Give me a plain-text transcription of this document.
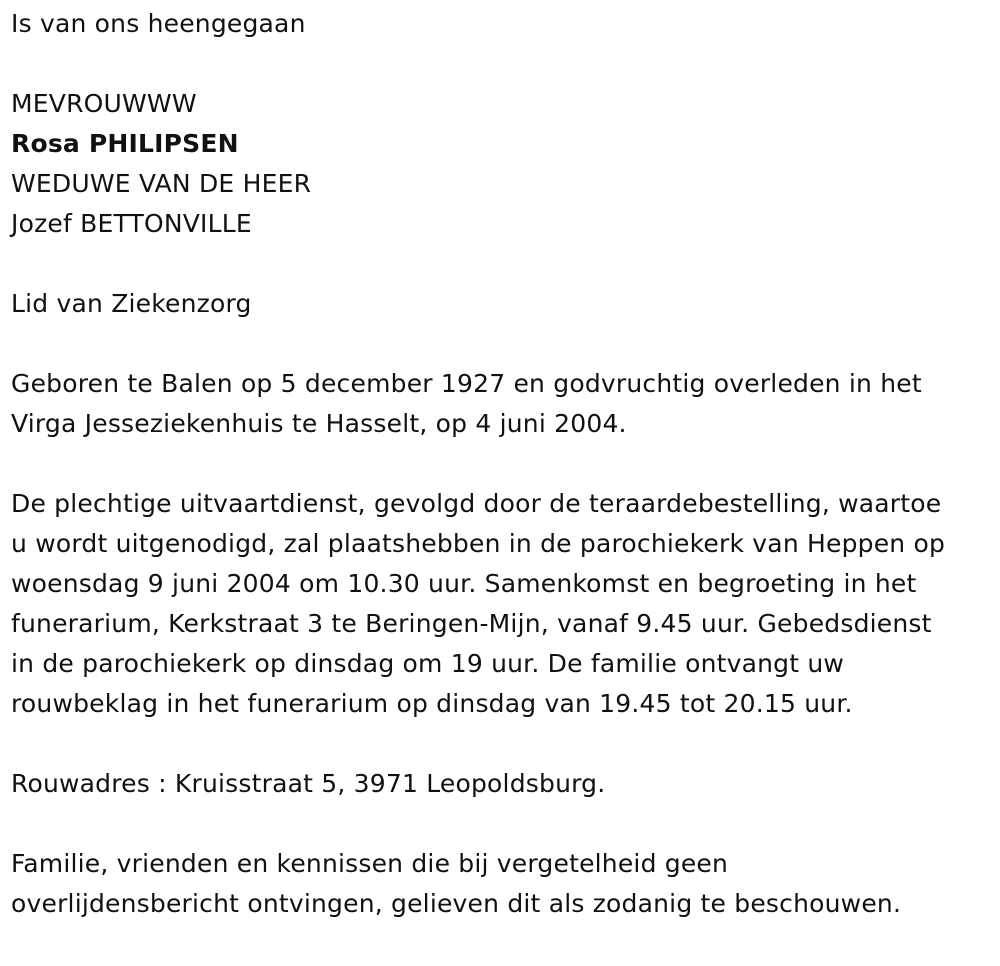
Is van ons heengegaan

MEVROUWWW

Rosa PHILIPSEN

WEDUWE VAN DE HEER

Jozef BETTONVILLE

Lid van Ziekenzorg

Geboren te Balen op 5 december 1927 en godvruchtig overleden in het

Virga Jesseziekenhuis te Hasselt, op 4 juni 2004.

De plechtige uitvaartdienst, gevolgd door de teraardebestelling, waartoe

u wordt uitgenodigd, zal plaatshebben in de parochiekerk van Heppen op

woensdag 9 juni 2004 om 10.30 uur. Samenkomst en begroeting in het

funerarium, Kerkstraat 3 te Beringen-Mijn, vanaf 9.45 uur. Gebedsdienst

in de parochiekerk op dinsdag om 19 uur. De familie ontvangt uw

rouwbeklag in het funerarium op dinsdag van 19.45 tot 20.15 uur.

Rouwadres : Kruisstraat 5, 3971 Leopoldsburg.

Familie, vrienden en kennissen die bij vergetelheid geen

overlijdensbericht ontvingen, gelieven dit als zodanig te beschouwen.
